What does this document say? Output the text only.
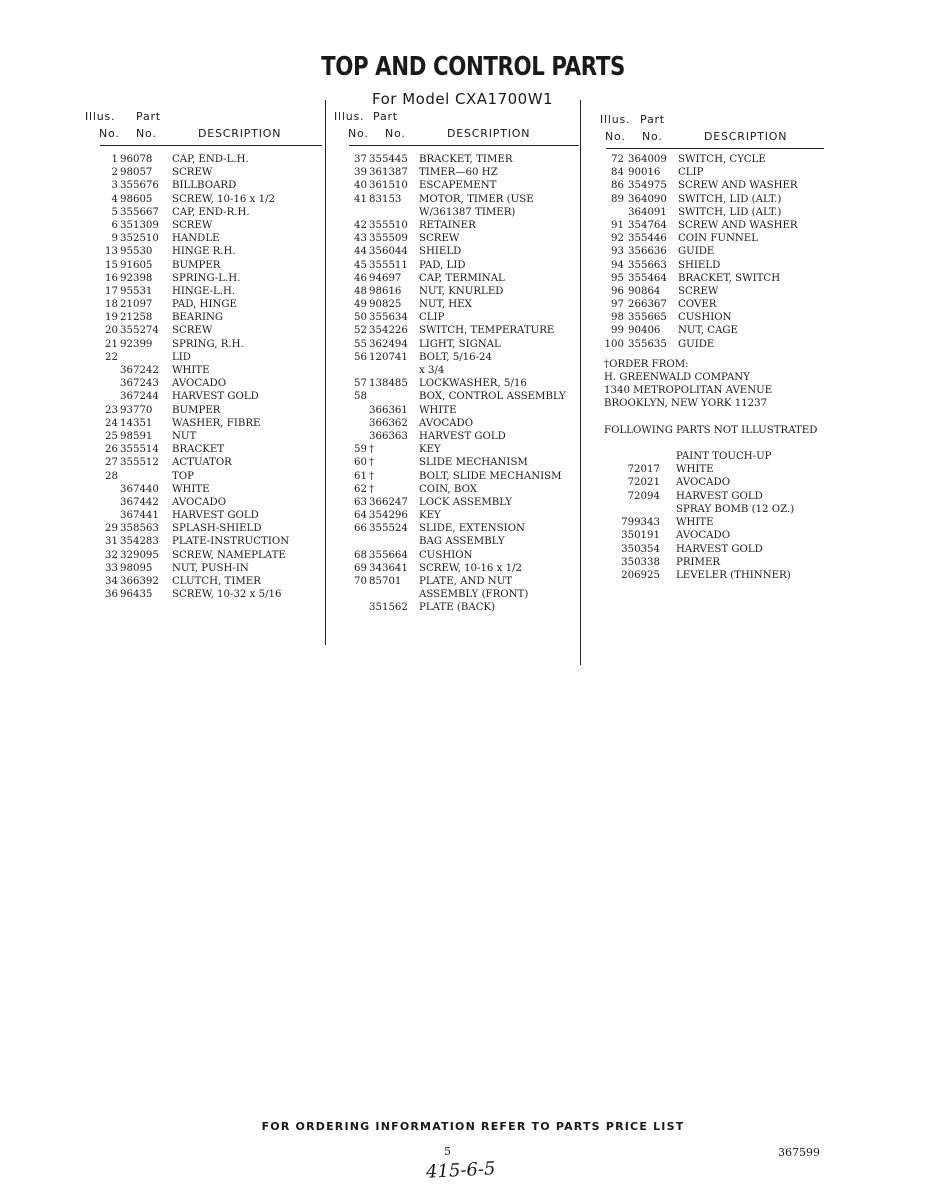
TOP AND CONTROL PARTS
For Model CXA1700W1
Illus. Part
No. No.	DESCRIPTION
1 96078 CAP, END-L.H.
2 98057 SCREW
3 355676 BILLBOARD
4 98605 SCREW, 10-16 x 1/2
5 355667 CAP, END-R.H.
6 351309 SCREW
9 352510 HANDLE
13 95530 HINGE R.H.
15 91605 BUMPER
16 92398 SPRING-L.H.
17 95531 HINGE-L.H.
18 21097 PAD, HINGE
19 21258 BEARING
20 355274 SCREW
21 92399 SPRING, R.H.
22	LID
367242 WHITE
367243 AVOCADO
367244 HARVEST GOLD
23 93770 BUMPER
24 14351 WASHER, FIBRE
25 98591 NUT
26 355514 BRACKET
27 355512 ACTUATOR
28	TOP
367440 WHITE
367442 AVOCADO
367441 HARVEST GOLD
29 358563 SPLASH-SHIELD
31 354283 PLATE-INSTRUCTION
32 329095 SCREW, NAMEPLATE
33 98095 NUT, PUSH-IN
34 366392 CLUTCH, TIMER
36 96435 SCREW, 10-32 x 5/16
Illus. Part
No. No.	DESCRIPTION
37 355445 BRACKET, TIMER
39 361387 TIMER—60 HZ
40 361510 ESCAPEMENT
41 83153 MOTOR, TIMER (USE
W/361387 TIMER)
42 355510 RETAINER
43 355509 SCREW
44 356044 SHIELD
45 355511 PAD, LID
46 94697 CAP, TERMINAL
48 98616 NUT, KNURLED
49 90825 NUT, HEX
50 355634 CLIP
52 354226 SWITCH, TEMPERATURE
55 362494 LIGHT, SIGNAL
56 120741 BOLT, 5/16-24
x 3/4
57 138485 LOCKWASHER, 5/16
58	BOX, CONTROL ASSEMBLY
366361 WHITE
366362 AVOCADO
366363 HARVEST GOLD
59 †	KEY
60 †	SLIDE MECHANISM
61 †	BOLT, SLIDE MECHANISM
62 †	COIN, BOX
63 366247 LOCK ASSEMBLY
64 354296 KEY
66 355524 SLIDE, EXTENSION
BAG ASSEMBLY
68 355664 CUSHION
69 343641 SCREW, 10-16 x 1/2
70 85701 PLATE, AND NUT
ASSEMBLY (FRONT)
351562 PLATE (BACK)
Illus. Part
No. No.	DESCRIPTION
72 364009 SWITCH, CYCLE
84 90016 CLIP
86 354975 SCREW AND WASHER
89 364090 SWITCH, LID (ALT.)
364091 SWITCH, LID (ALT.)
91 354764 SCREW AND WASHER
92 355446 COIN FUNNEL
93 356636 GUIDE
94 355663 SHIELD
95 355464 BRACKET, SWITCH
96 90864 SCREW
97 266367 COVER
98 355665 CUSHION
99 90406 NUT, CAGE
100 355635 GUIDE
†ORDER FROM:
H. GREENWALD COMPANY
1340 METROPOLITAN AVENUE
BROOKLYN, NEW YORK 11237
FOLLOWING PARTS NOT ILLUSTRATED
PAINT TOUCH-UP
72017 WHITE
72021 AVOCADO
72094 HARVEST GOLD
SPRAY BOMB (12 OZ.)
799343 WHITE
350191 AVOCADO
350354 HARVEST GOLD
350338 PRIMER
206925 LEVELER (THINNER)
FOR ORDERING INFORMATION REFER TO PARTS PRICE LIST
5	367599
415-6-5
